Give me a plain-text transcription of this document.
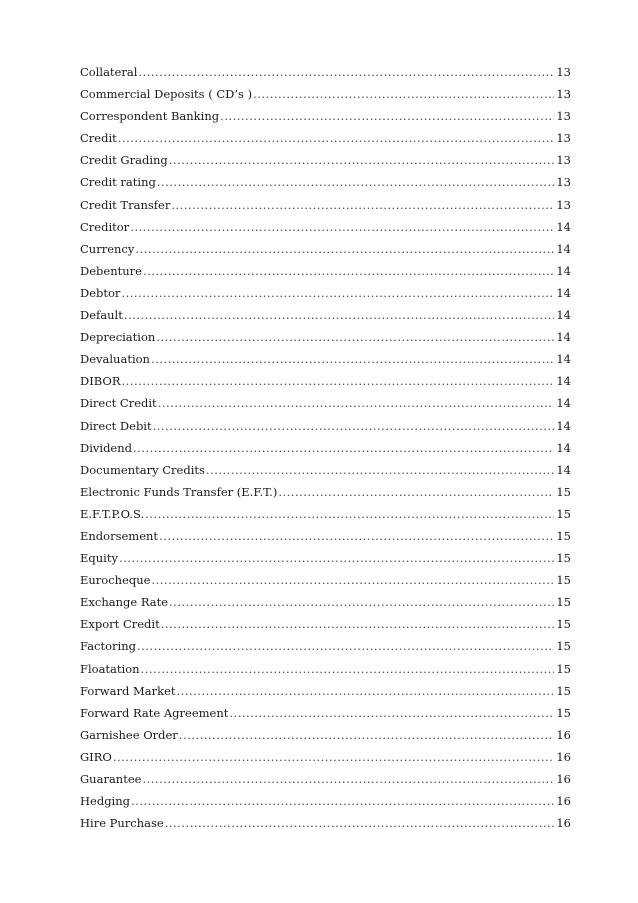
Collateral .....	13
Commercial Deposits ( CD’s ) .....	13
Correspondent Banking .....	13
Credit .....	13
Credit Grading .....	13
Credit rating .....	13
Credit Transfer .....	13
Creditor .....	14
Currency .....	14
Debenture .....	14
Debtor .....	14
Default .....	14
Depreciation .....	14
Devaluation .....	14
DIBOR .....	14
Direct Credit .....	14
Direct Debit .....	14
Dividend .....	14
Documentary Credits .....	14
Electronic Funds Transfer (E.F.T.) .....	15
E.F.T.P.O.S. .....	15
Endorsement .....	15
Equity .....	15
Eurocheque .....	15
Exchange Rate .....	15
Export Credit .....	15
Factoring .....	15
Floatation .....	15
Forward Market .....	15
Forward Rate Agreement .....	15
Garnishee Order .....	16
GIRO .....	16
Guarantee .....	16
Hedging .....	16
Hire Purchase .....	16
